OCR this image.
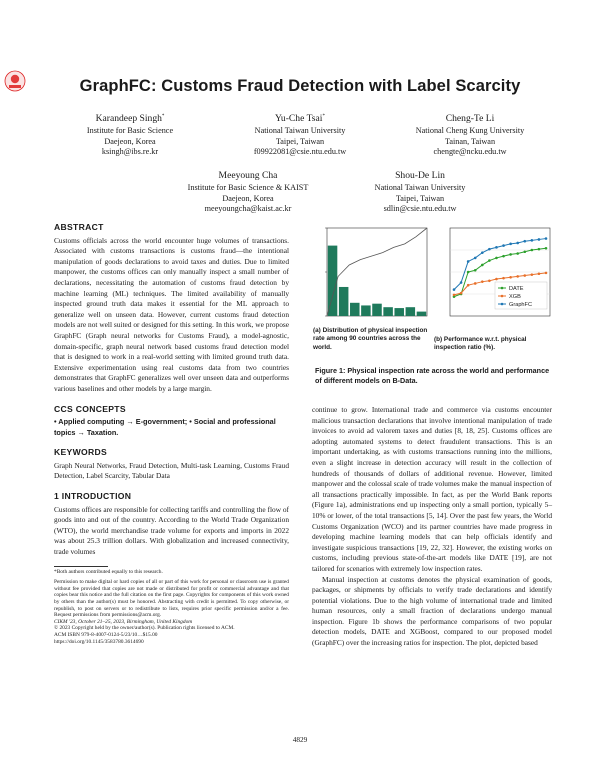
GraphFC: Customs Fraud Detection with Label Scarcity
Karandeep Singh*
Institute for Basic Science
Daejeon, Korea
ksingh@ibs.re.kr
Yu-Che Tsai*
National Taiwan University
Taipei, Taiwan
f09922081@csie.ntu.edu.tw
Cheng-Te Li
National Cheng Kung University
Tainan, Taiwan
chengte@ncku.edu.tw
Meeyoung Cha
Institute for Basic Science & KAIST
Daejeon, Korea
meeyoungcha@kaist.ac.kr
Shou-De Lin
National Taiwan University
Taipei, Taiwan
sdlin@csie.ntu.edu.tw
ABSTRACT

Customs officials across the world encounter huge volumes of transactions. Associated with customs transactions is customs fraud—the intentional manipulation of goods declarations to avoid taxes and duties. Due to limited manpower, the customs offices can only manually inspect a small number of declarations, necessitating the automation of customs fraud detection by machine learning (ML) techniques. The limited availability of manually inspected ground truth data makes it essential for the ML approach to generalize well on unseen data. However, current customs fraud detection models are not well suited or designed for this setting. In this work, we propose GraphFC (Graph neural networks for Customs Fraud), a model-agnostic, domain-specific, graph neural network based customs fraud detection model that is designed to work in a real-world setting with limited ground truth data. Extensive experimentation using real customs data from two countries demonstrates that GraphFC generalizes well over unseen data and outperforms various baselines and other models by a large margin.

CCS CONCEPTS

• Applied computing → E-government; • Social and professional topics → Taxation.

KEYWORDS

Graph Neural Networks, Fraud Detection, Multi-task Learning, Customs Fraud Detection, Label Scarcity, Tabular Data

1 INTRODUCTION

Customs offices are responsible for collecting tariffs and controlling the flow of goods into and out of the country. According to the World Trade Organization (WTO), the world merchandise trade volume for exports and imports in 2022 was about 25.3 trillion dollars. With globalization and increased connectivity, trade volumes

*Both authors contributed equally to this research.

Permission to make digital or hard copies of all or part of this work for personal or classroom use is granted without fee provided that copies are not made or distributed for profit or commercial advantage and that copies bear this notice and the full citation on the first page. Copyrights for components of this work owned by others than the author(s) must be honored. Abstracting with credit is permitted. To copy otherwise, or republish, to post on servers or to redistribute to lists, requires prior specific permission and/or a fee. Request permissions from permissions@acm.org.

CIKM '23, October 21–25, 2023, Birmingham, United Kingdom

© 2023 Copyright held by the owner/author(s). Publication rights licensed to ACM.

ACM ISBN 979-8-4007-0124-5/23/10…$15.00

https://doi.org/10.1145/3583780.3614690

DATE
XGB
GraphFC
(a) Distribution of physical inspection rate among 90 countries across the world.
(b) Performance w.r.t. physical inspection ratio (%).
Figure 1: Physical inspection rate across the world and performance of different models on B-Data.

continue to grow. International trade and commerce via customs encounter malicious transaction declarations that involve intentional manipulation of trade invoices to avoid ad valorem taxes and duties [8, 18, 25]. Customs offices are adopting automated systems to detect fraudulent transactions. This is an important undertaking, as with customs transactions running into the millions, even a slight increase in detection accuracy will result in the collection of hundreds of thousands of dollars of additional revenue. However, limited manpower and the colossal scale of trade volumes make the manual inspection of all transactions practically impossible. In fact, as per the World Bank reports (Figure 1a), administrations end up inspecting only a small portion, typically 5–10% or lower, of the total transactions [5, 14]. Over the past few years, the World Customs Organization (WCO) and its partner countries have made progress in developing machine learning models that can help officials identify and investigate suspicious transactions [19, 22, 32]. However, the existing works on customs, including previous state-of-the-art models like DATE [19], are not tailored for scenarios with extremely low inspection rates.

Manual inspection at customs denotes the physical examination of goods, packages, or shipments by officials to verify trade declarations and identify potential violations. Due to the high volume of international trade and limited human resources, only a small fraction of declarations undergo manual inspection. Figure 1b shows the performance comparisons of two popular detection models, DATE and XGBoost, compared to our proposed model (GraphFC) over the increasing ratios for inspection. The plot, depicted based

4829
